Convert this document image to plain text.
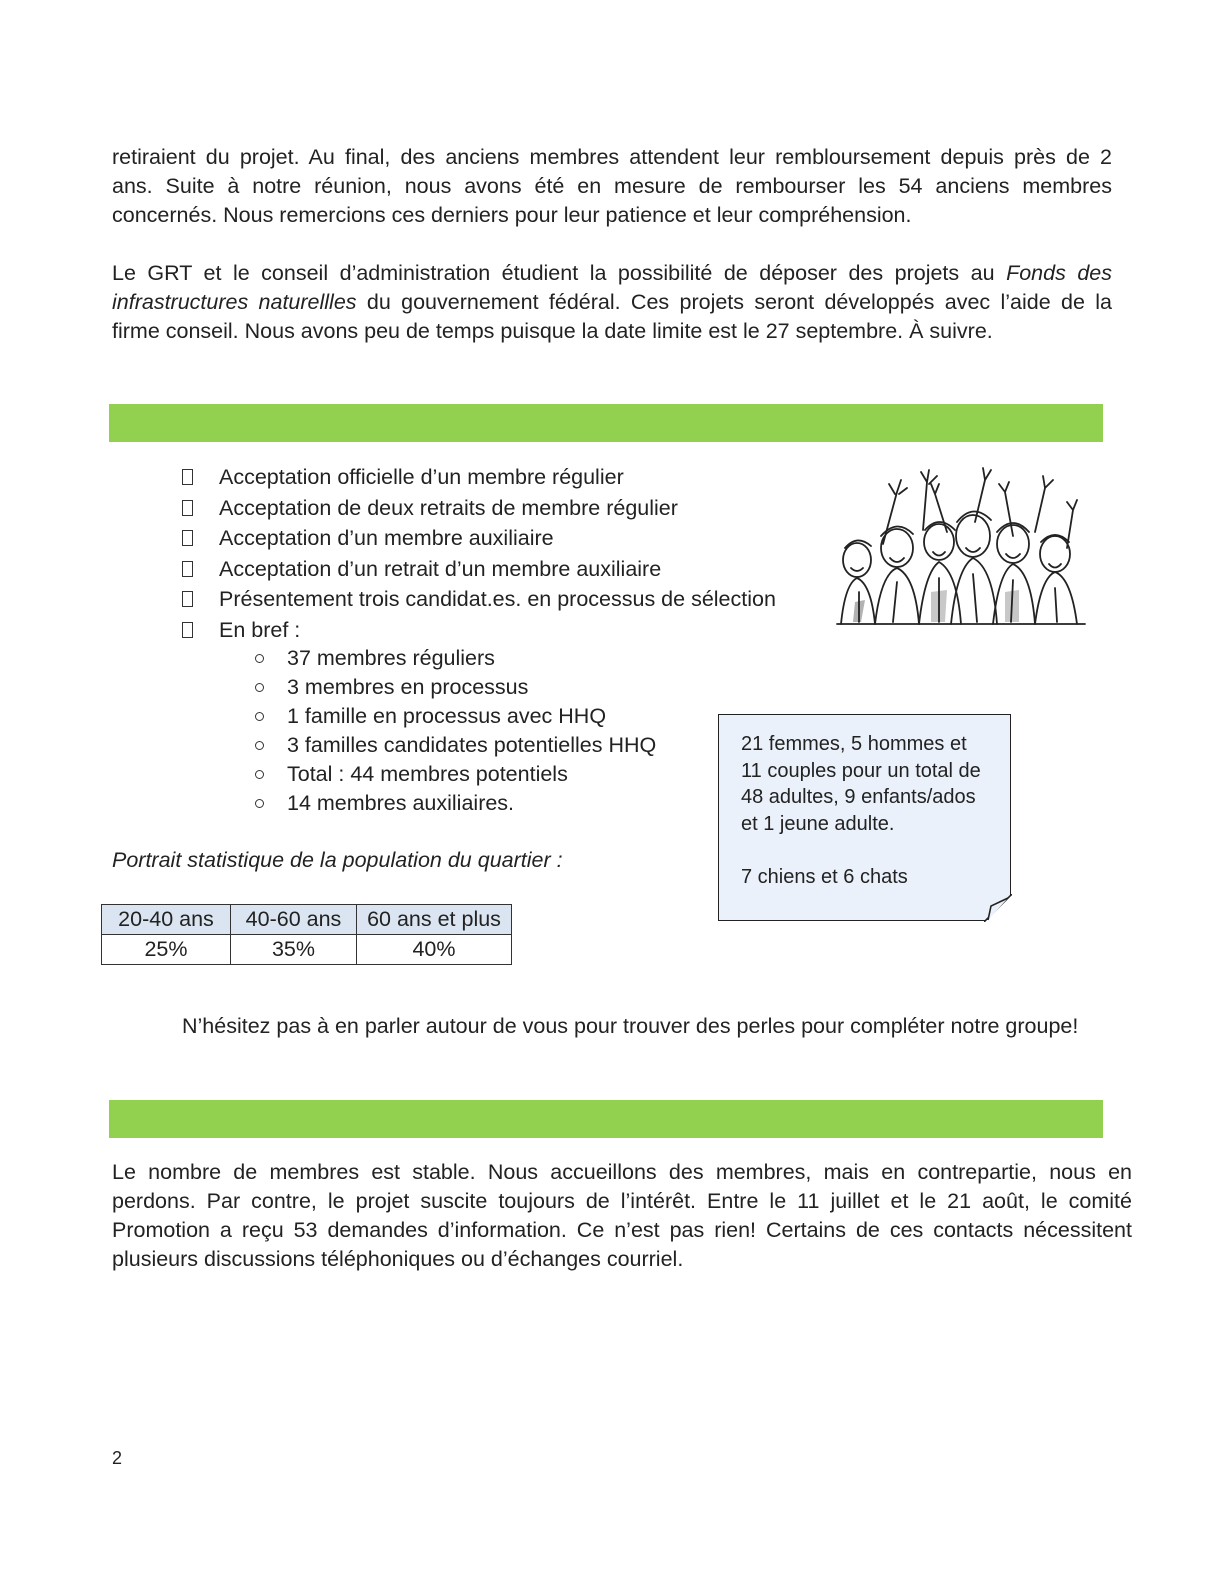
retiraient du projet. Au final, des anciens membres attendent leur rembloursement depuis près de 2
ans. Suite à notre réunion, nous avons été en mesure de rembourser les 54 anciens membres
concernés. Nous remercions ces derniers pour leur patience et leur compréhension.

Le GRT et le conseil d’administration étudient la possibilité de déposer des projets au Fonds des infrastructures naturellles du gouvernement fédéral. Ces projets seront développés avec l’aide de la firme conseil. Nous avons peu de temps puisque la date limite est le 27 septembre. À suivre.

Acceptation officielle d’un membre régulier
Acceptation de deux retraits de membre régulier
Acceptation d’un membre auxiliaire
Acceptation d’un retrait d’un membre auxiliaire
Présentement trois candidat.es. en processus de sélection
En bref :
37 membres réguliers
3 membres en processus
1 famille en processus avec HHQ
3 familles candidates potentielles HHQ
Total : 44 membres potentiels
14 membres auxiliaires.

21 femmes, 5 hommes et

11 couples pour un total de

48 adultes, 9 enfants/ados

et 1 jeune adulte.

7 chiens et 6 chats

Portrait statistique de la population du quartier :

20-40 ans	40-60 ans	60 ans et plus
25%	35%	40%

N’hésitez pas à en parler autour de vous pour trouver des perles pour compléter notre groupe!

Le nombre de membres est stable. Nous accueillons des membres, mais en contrepartie, nous en perdons. Par contre, le projet suscite toujours de l’intérêt. Entre le 11 juillet et le 21 août, le comité Promotion a reçu 53 demandes d’information. Ce n’est pas rien! Certains de ces contacts nécessitent plusieurs discussions téléphoniques ou d’échanges courriel.

2
